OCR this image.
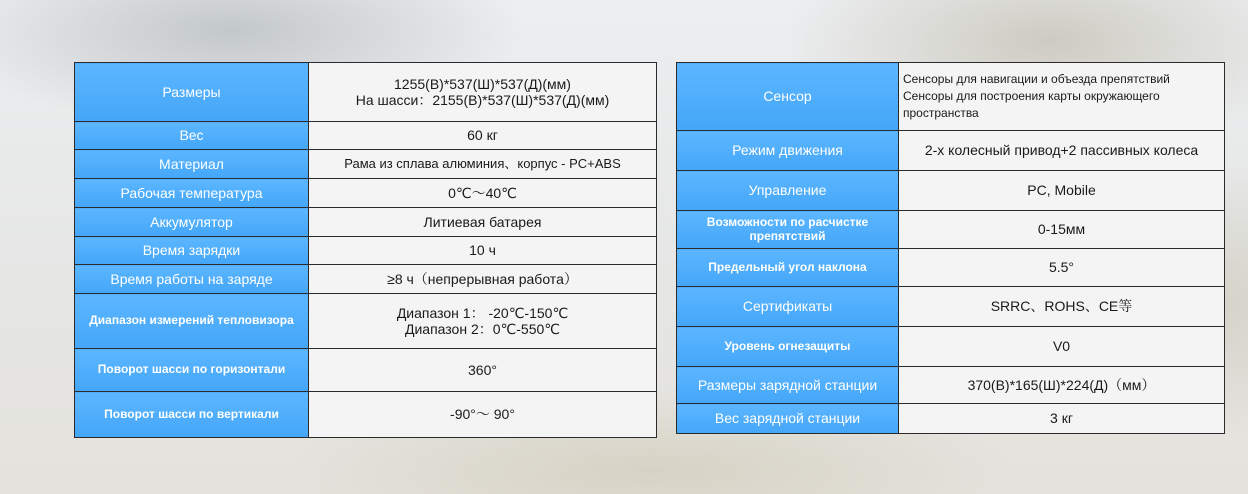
Размеры	1255(В)*537(Ш)*537(Д)(мм)
На шасси：2155(В)*537(Ш)*537(Д)(мм)

Вес	60 кг
Материал	Рама из сплава алюминия、корпус - PC+ABS
Рабочая температура	0℃～40℃
Аккумулятор	Литиевая батарея
Время зарядки	10 ч
Время работы на заряде	≥8 ч（непрерывная работа）
Диапазон измерений тепловизора	Диапазон 1： -20℃-150℃
Диапазон 2：0℃-550℃

Поворот шасси по горизонтали	360°
Поворот шасси по вертикали	-90°～ 90°
Сенсор	Сенсоры для навигации и объезда препятствий
Сенсоры для построения карты окружающего
пространства

Режим движения	2-х колесный привод+2 пассивных колеса
Управление	PC, Mobile
Возможности по расчистке препятствий	0-15мм
Предельный угол наклона	5.5°
Сертификаты	SRRC、ROHS、CE等
Уровень огнезащиты	V0
Размеры зарядной станции	370(В)*165(Ш)*224(Д)（мм）
Вес зарядной станции	3 кг
